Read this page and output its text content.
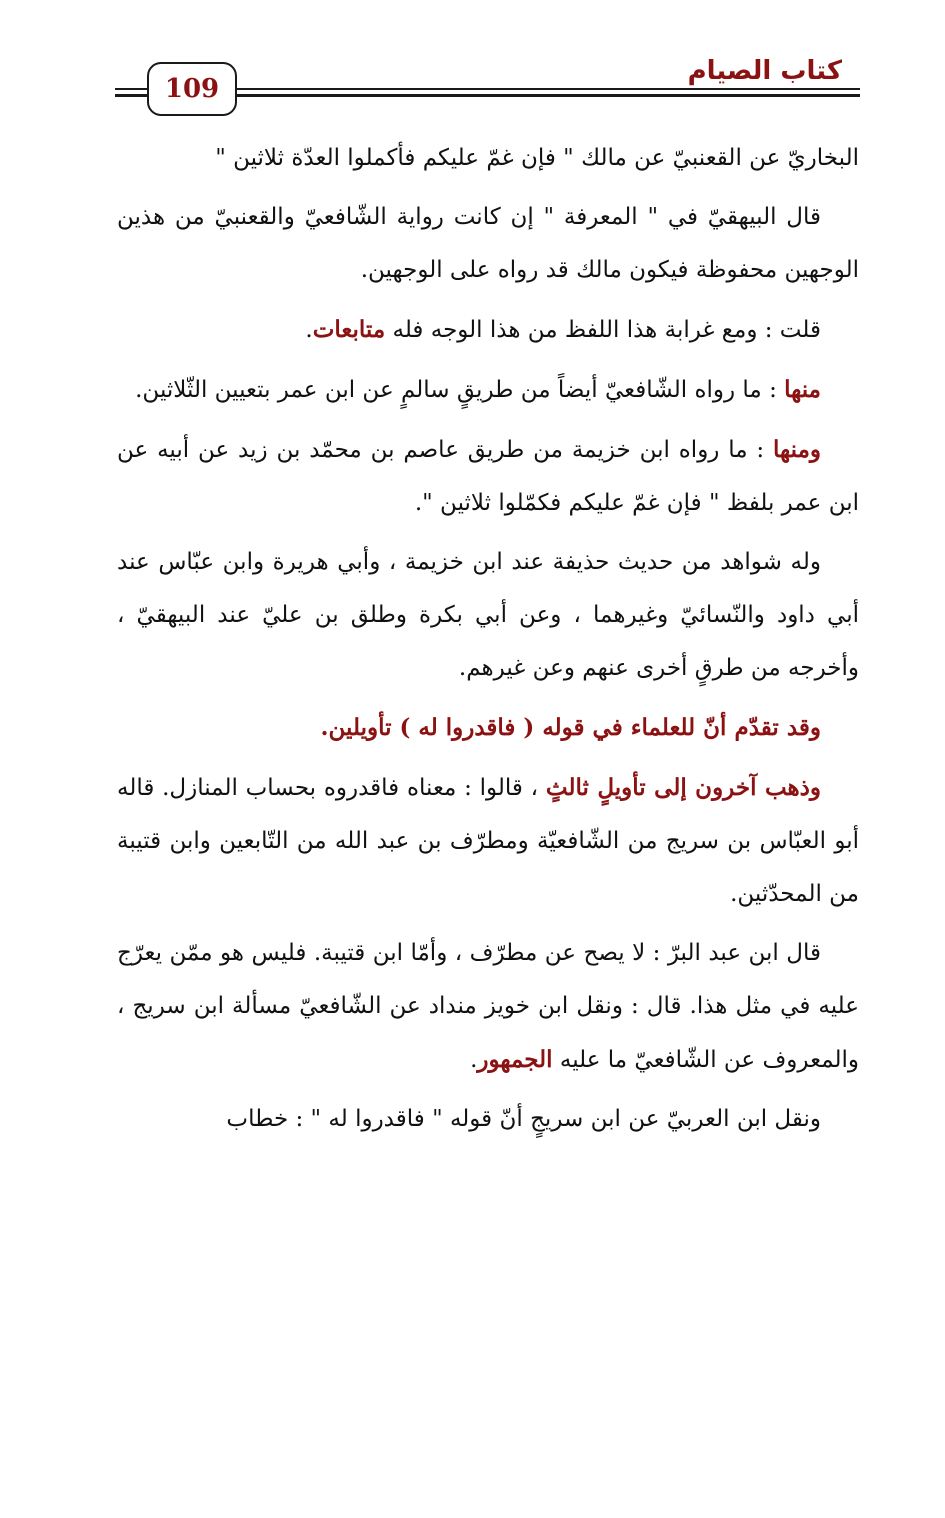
كتاب الصيام
109

البخاريّ عن القعنبيّ عن مالك " فإن غمّ عليكم فأكملوا العدّة ثلاثين "

قال البيهقيّ في " المعرفة " إن كانت رواية الشّافعيّ والقعنبيّ من هذين الوجهين محفوظة فيكون مالك قد رواه على الوجهين.

قلت : ومع غرابة هذا اللفظ من هذا الوجه فله متابعات.

منها : ما رواه الشّافعيّ أيضاً من طريقٍ سالمٍ عن ابن عمر بتعيين الثّلاثين.

ومنها : ما رواه ابن خزيمة من طريق عاصم بن محمّد بن زيد عن أبيه عن ابن عمر بلفظ " فإن غمّ عليكم فكمّلوا ثلاثين ".

وله شواهد من حديث حذيفة عند ابن خزيمة ، وأبي هريرة وابن عبّاس عند أبي داود والنّسائيّ وغيرهما ، وعن أبي بكرة وطلق بن عليّ عند البيهقيّ ، وأخرجه من طرقٍ أخرى عنهم وعن غيرهم.

وقد تقدّم أنّ للعلماء في قوله ( فاقدروا له ) تأويلين.

وذهب آخرون إلى تأويلٍ ثالثٍ ، قالوا : معناه فاقدروه بحساب المنازل. قاله أبو العبّاس بن سريج من الشّافعيّة ومطرّف بن عبد الله من التّابعين وابن قتيبة من المحدّثين.

قال ابن عبد البرّ : لا يصح عن مطرّف ، وأمّا ابن قتيبة. فليس هو ممّن يعرّج عليه في مثل هذا. قال : ونقل ابن خويز منداد عن الشّافعيّ مسألة ابن سريج ، والمعروف عن الشّافعيّ ما عليه الجمهور.

ونقل ابن العربيّ عن ابن سريجٍ أنّ قوله " فاقدروا له " : خطاب
